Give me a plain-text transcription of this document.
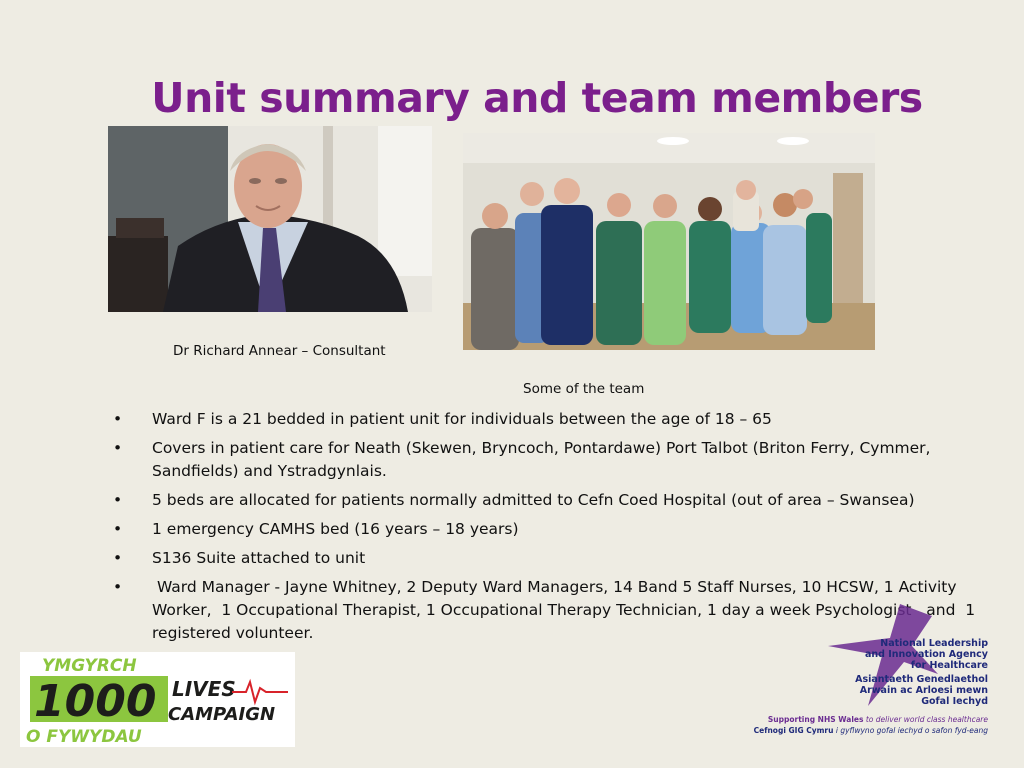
Unit summary and team members
Dr Richard Annear – Consultant
Some of the team
• Ward F is a 21 bedded in patient unit for individuals between the age of 18 – 65
• Covers in patient care for Neath (Skewen, Bryncoch, Pontardawe) Port Talbot (Briton Ferry, Cymmer, Sandfields) and Ystradgynlais.
• 5 beds are allocated for patients normally admitted to Cefn Coed Hospital (out of area – Swansea)
• 1 emergency CAMHS bed (16 years – 18 years)
• S136 Suite attached to unit
• Ward Manager - Jayne Whitney, 2 Deputy Ward Managers, 14 Band 5 Staff Nurses, 10 HCSW, 1 Activity Worker,  1 Occupational Therapist, 1 Occupational Therapy Technician, 1 day a week Psychologist   and  1 registered volunteer.
YMGYRCH
1000 LIVES
CAMPAIGN
O FYWYDAU
National Leadership
and Innovation Agency
for Healthcare
Asiantaeth Genedlaethol
Arwain ac Arloesi mewn
Gofal Iechyd
Supporting NHS Wales to deliver world class healthcare
Cefnogi GIG Cymru i gyflwyno gofal iechyd o safon fyd-eang
